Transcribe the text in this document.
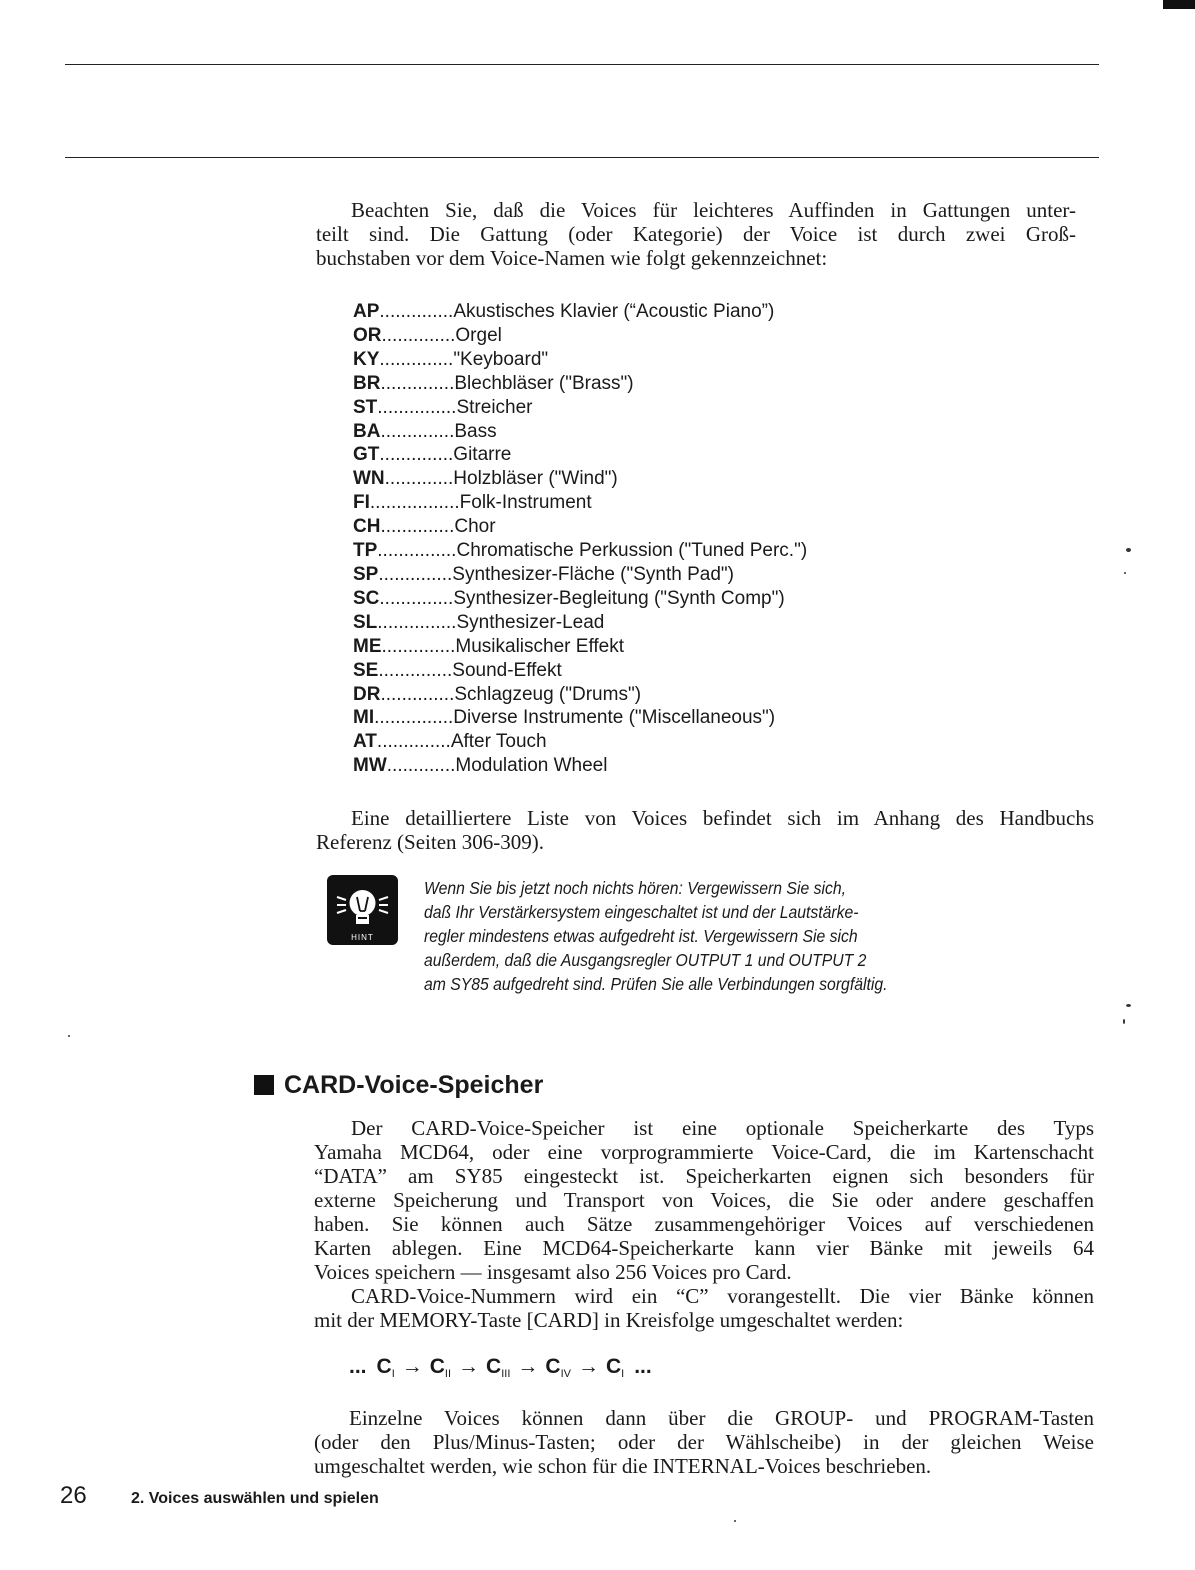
Beachten Sie, daß die Voices für leichteres Auffinden in Gattungen unter-

teilt sind. Die Gattung (oder Kategorie) der Voice ist durch zwei Groß-
buchstaben vor dem Voice-Namen wie folgt gekennzeichnet:
AP .............. Akustisches Klavier (“Acoustic Piano”)
OR .............. Orgel
KY .............. "Keyboard"
BR .............. Blechbläser ("Brass")
ST ............... Streicher
BA .............. Bass
GT .............. Gitarre
WN ............. Holzbläser ("Wind")
FI ................. Folk-Instrument
CH .............. Chor
TP ............... Chromatische Perkussion ("Tuned Perc.")
SP .............. Synthesizer-Fläche ("Synth Pad")
SC .............. Synthesizer-Begleitung ("Synth Comp")
SL ............... Synthesizer-Lead
ME .............. Musikalischer Effekt
SE .............. Sound-Effekt
DR .............. Schlagzeug ("Drums")
MI ............... Diverse Instrumente ("Miscellaneous")
AT .............. After Touch
MW ............. Modulation Wheel

Eine detailliertere Liste von Voices befindet sich im Anhang des Handbuchs

Referenz (Seiten 306-309).
HINT
Wenn Sie bis jetzt noch nichts hören: Vergewissern Sie sich,
daß Ihr Verstärkersystem eingeschaltet ist und der Lautstärke-
regler mindestens etwas aufgedreht ist. Vergewissern Sie sich
außerdem, daß die Ausgangsregler OUTPUT 1 und OUTPUT 2
am SY85 aufgedreht sind. Prüfen Sie alle Verbindungen sorgfältig.
CARD-Voice-Speicher
Der CARD-Voice-Speicher ist eine optionale Speicherkarte des Typs
Yamaha MCD64, oder eine vorprogrammierte Voice-Card, die im Kartenschacht
“DATA” am SY85 eingesteckt ist. Speicherkarten eignen sich besonders für
externe Speicherung und Transport von Voices, die Sie oder andere geschaffen
haben. Sie können auch Sätze zusammengehöriger Voices auf verschiedenen
Karten ablegen. Eine MCD64-Speicherkarte kann vier Bänke mit jeweils 64
Voices speichern — insgesamt also 256 Voices pro Card.
CARD-Voice-Nummern wird ein “C” vorangestellt. Die vier Bänke können
mit der MEMORY-Taste [CARD] in Kreisfolge umgeschaltet werden:
... $C_I \to C_{II} \to C_{III} \to C_{IV} \to C_I$ ...
Einzelne Voices können dann über die GROUP- und PROGRAM-Tasten
(oder den Plus/Minus-Tasten; oder der Wählscheibe) in der gleichen Weise
umgeschaltet werden, wie schon für die INTERNAL-Voices beschrieben.
26	2. Voices auswählen und spielen
